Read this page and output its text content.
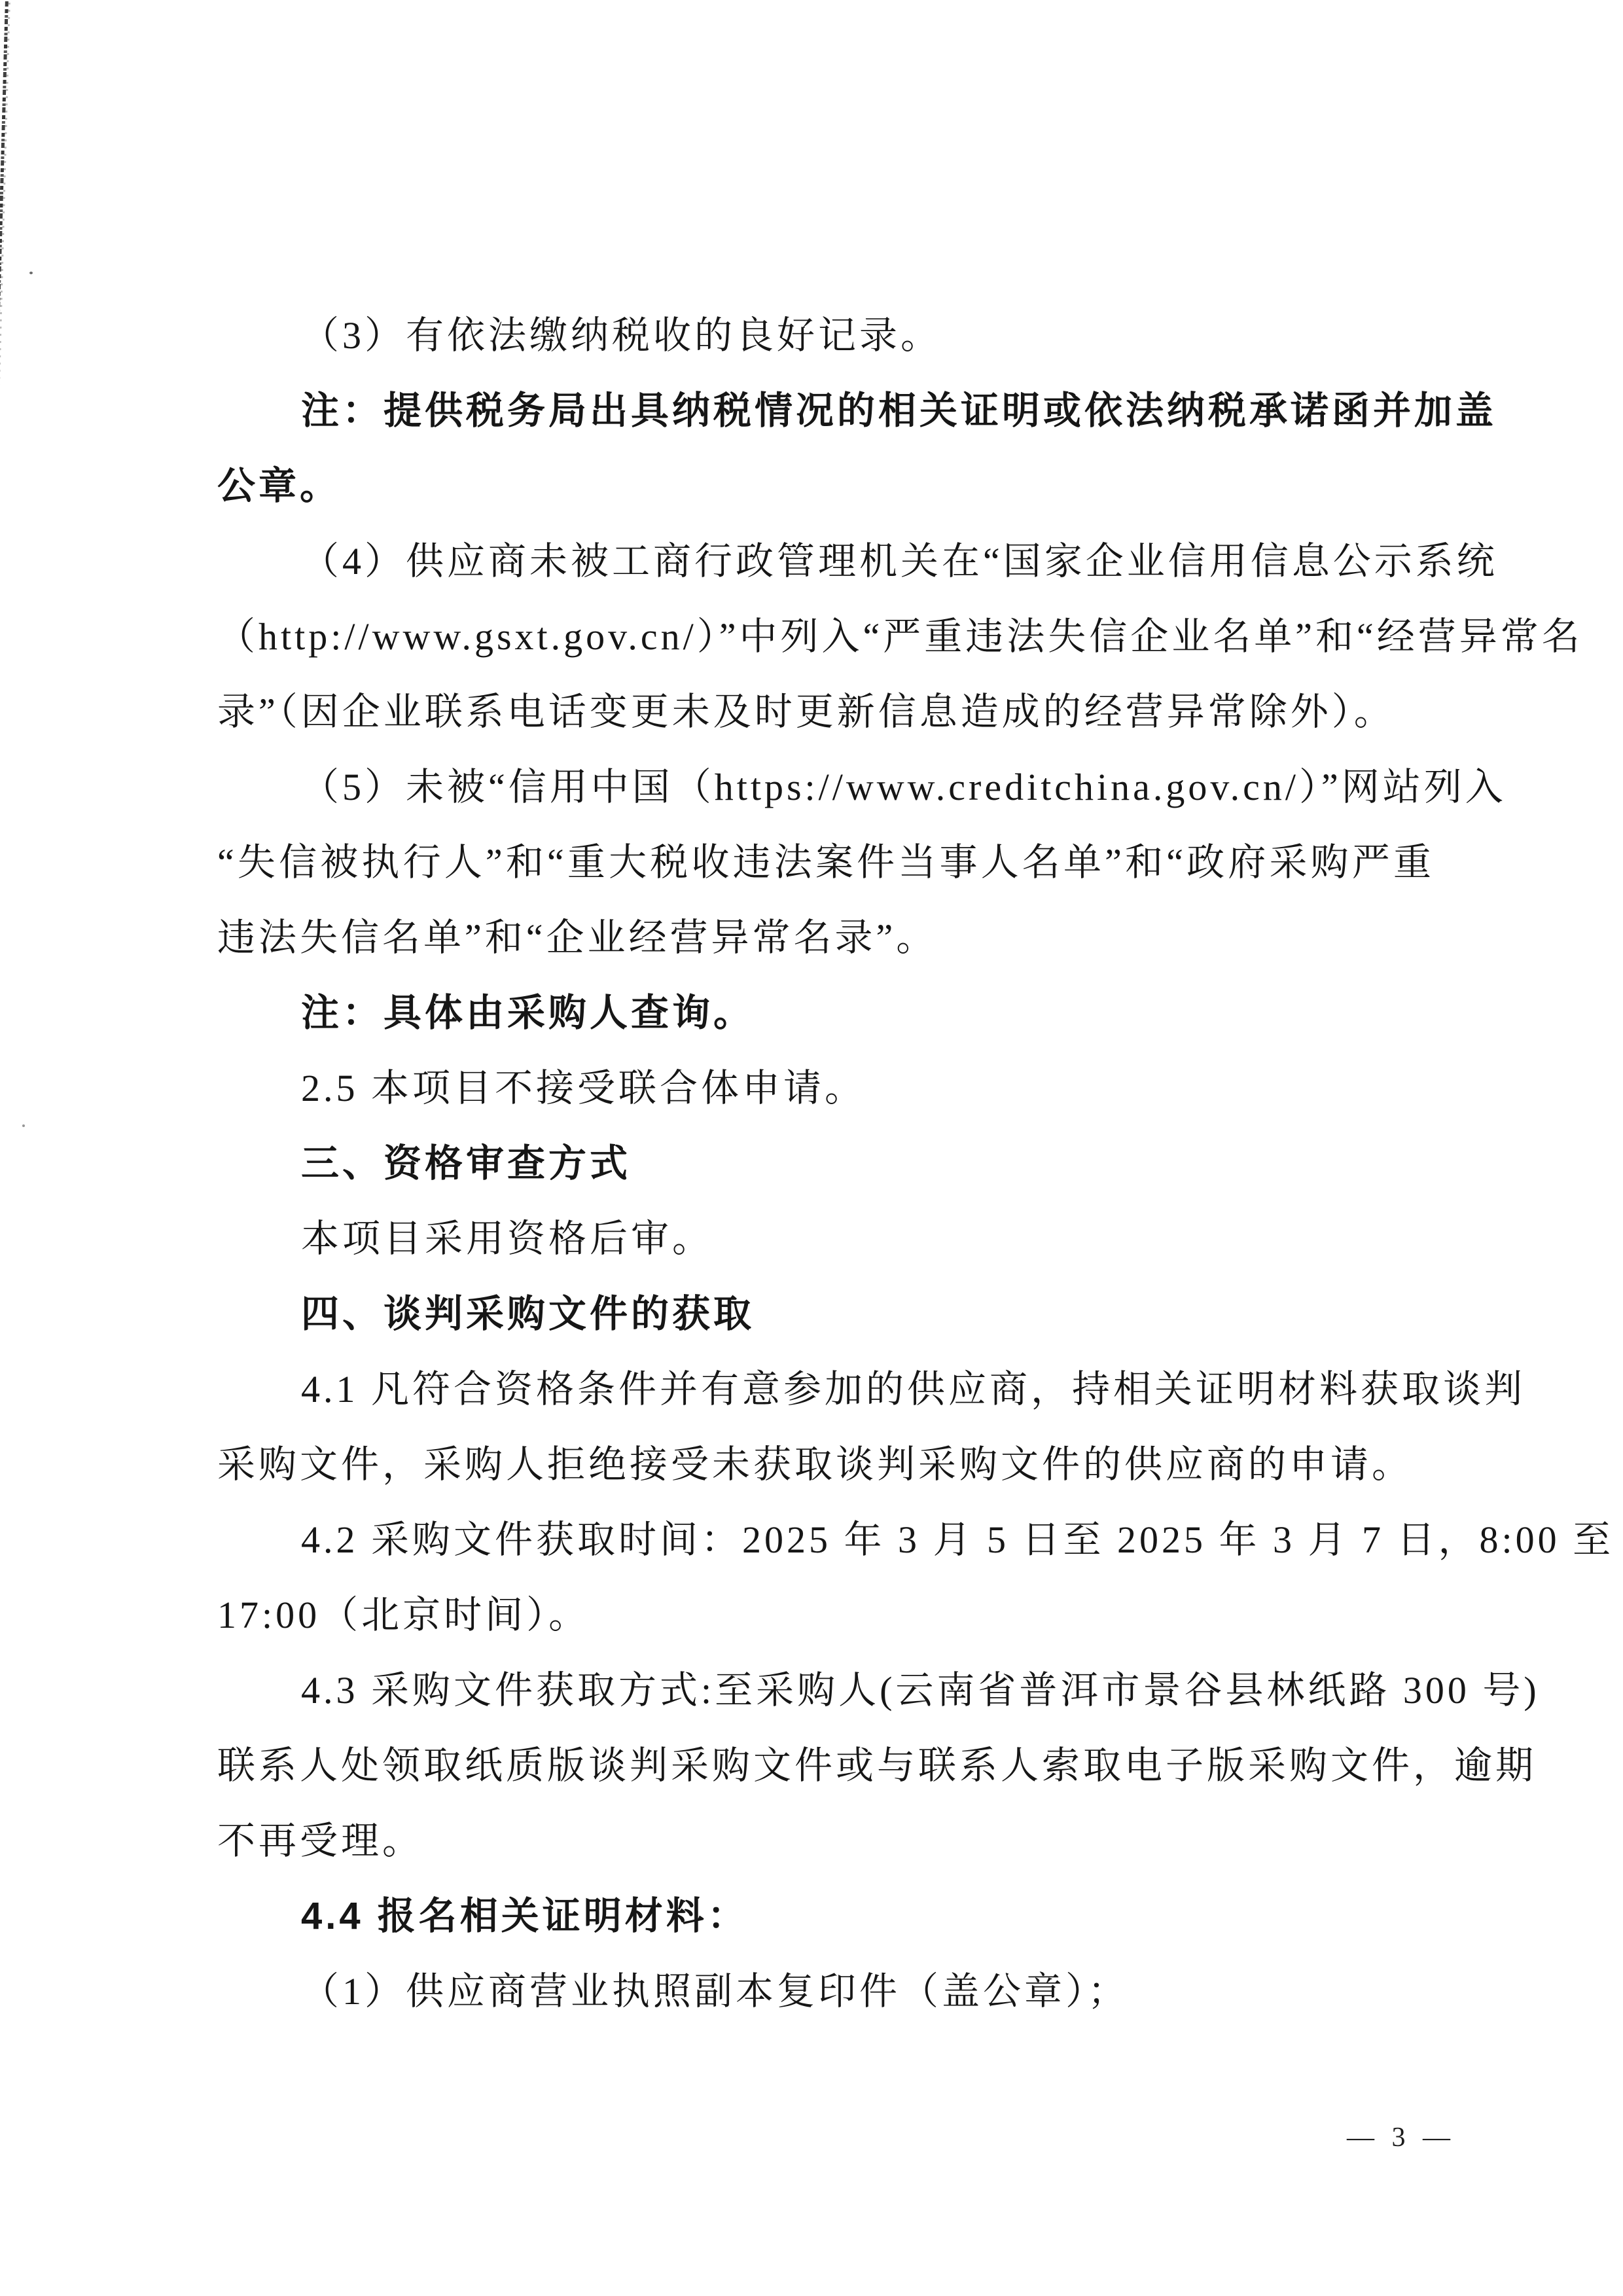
（3）有依法缴纳税收的良好记录。
注：提供税务局出具纳税情况的相关证明或依法纳税承诺函并加盖
公章。
（4）供应商未被工商行政管理机关在“国家企业信用信息公示系统
（http://www.gsxt.gov.cn/）”中列入“严重违法失信企业名单”和“经营异常名
录”（因企业联系电话变更未及时更新信息造成的经营异常除外）。
（5）未被“信用中国（https://www.creditchina.gov.cn/）”网站列入
“失信被执行人”和“重大税收违法案件当事人名单”和“政府采购严重
违法失信名单”和“企业经营异常名录”。
注：具体由采购人查询。
2.5 本项目不接受联合体申请。
三、资格审查方式
本项目采用资格后审。
四、谈判采购文件的获取
4.1 凡符合资格条件并有意参加的供应商，持相关证明材料获取谈判
采购文件，采购人拒绝接受未获取谈判采购文件的供应商的申请。
4.2 采购文件获取时间：2025 年 3 月 5 日至 2025 年 3 月 7 日，8:00 至
17:00（北京时间）。
4.3 采购文件获取方式:至采购人(云南省普洱市景谷县林纸路 300 号)
联系人处领取纸质版谈判采购文件或与联系人索取电子版采购文件，逾期
不再受理。
4.4 报名相关证明材料：
（1）供应商营业执照副本复印件（盖公章）；
— 3 —
